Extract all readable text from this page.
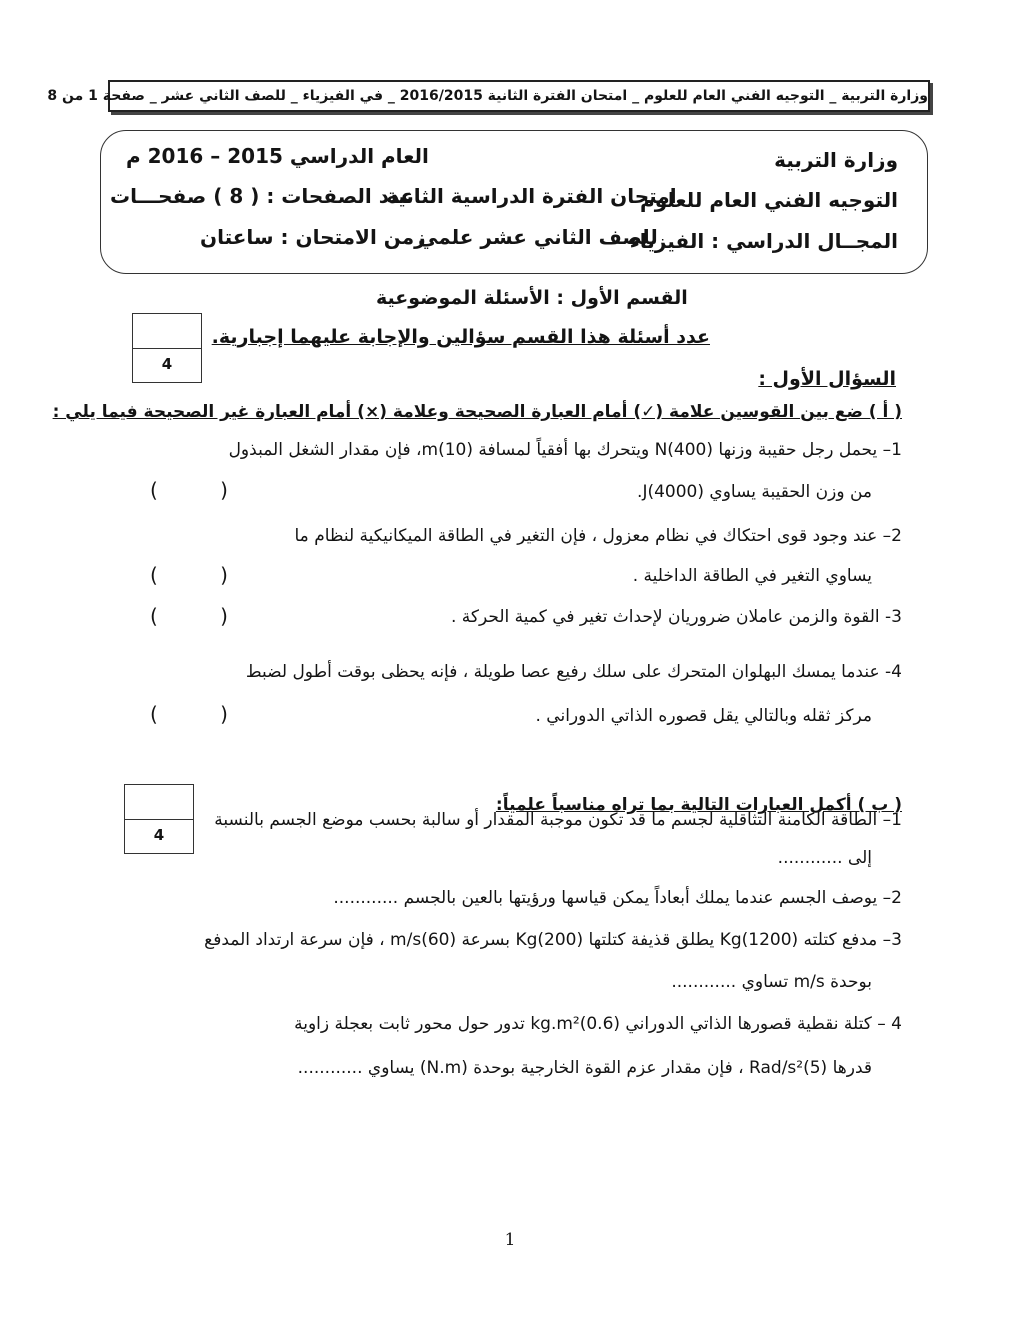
وزارة التربية _ التوجيه الفني العام للعلوم _ امتحان الفترة الثانية 2016/2015 _ في الفيزياء _ للصف الثاني عشر _ صفحة 1 من 8
وزارة التربية
العام الدراسي 2015 – 2016 م
التوجيه الفني العام للعلوم
امتحان الفترة الدراسية الثانية
عدد الصفحات : ( 8 ) صفحـــات
المجــال الدراسي : الفيزياء
للصف الثاني عشر علمي
زمن الامتحان : ساعتان
القسم الأول : الأسئلة الموضوعية
عدد أسئلة هذا القسم سؤالين والإجابة عليهما إجبارية.
4
السؤال الأول :
( أ ) ضع بين القوسين علامة (✓) أمام العبارة الصحيحة وعلامة (×) أمام العبارة غير الصحيحة فيما يلي :
1– يحمل رجل حقيبة وزنها N(400) ويتحرك بها أفقياً لمسافة m(10)، فإن مقدار الشغل المبذول
من وزن الحقيبة يساوي J(4000).
( )
2– عند وجود قوى احتكاك في نظام معزول ، فإن التغير في الطاقة الميكانيكية لنظام ما
يساوي التغير في الطاقة الداخلية .
( )
3- القوة والزمن عاملان ضروريان لإحداث تغير في كمية الحركة .
( )
4- عندما يمسك البهلوان المتحرك على سلك رفيع عصا طويلة ، فإنه يحظى بوقت أطول لضبط
مركز ثقله وبالتالي يقل قصوره الذاتي الدوراني .
( )
4
( ب ) أكمل العبارات التالية بما تراه مناسباً علمياً:
1– الطاقة الكامنة التثاقلية لجسم ما قد تكون موجبة المقدار أو سالبة بحسب موضع الجسم بالنسبة
إلى ............
2– يوصف الجسم عندما يملك أبعاداً يمكن قياسها ورؤيتها بالعين بالجسم ............
3– مدفع كتلته Kg(1200) يطلق قذيفة كتلتها Kg(200) بسرعة m/s(60) ، فإن سرعة ارتداد المدفع
بوحدة m/s تساوي ............
4 – كتلة نقطية قصورها الذاتي الدوراني kg.m²(0.6) تدور حول محور ثابت بعجلة زاوية
قدرها Rad/s²(5) ، فإن مقدار عزم القوة الخارجية بوحدة (N.m) يساوي ............
1
